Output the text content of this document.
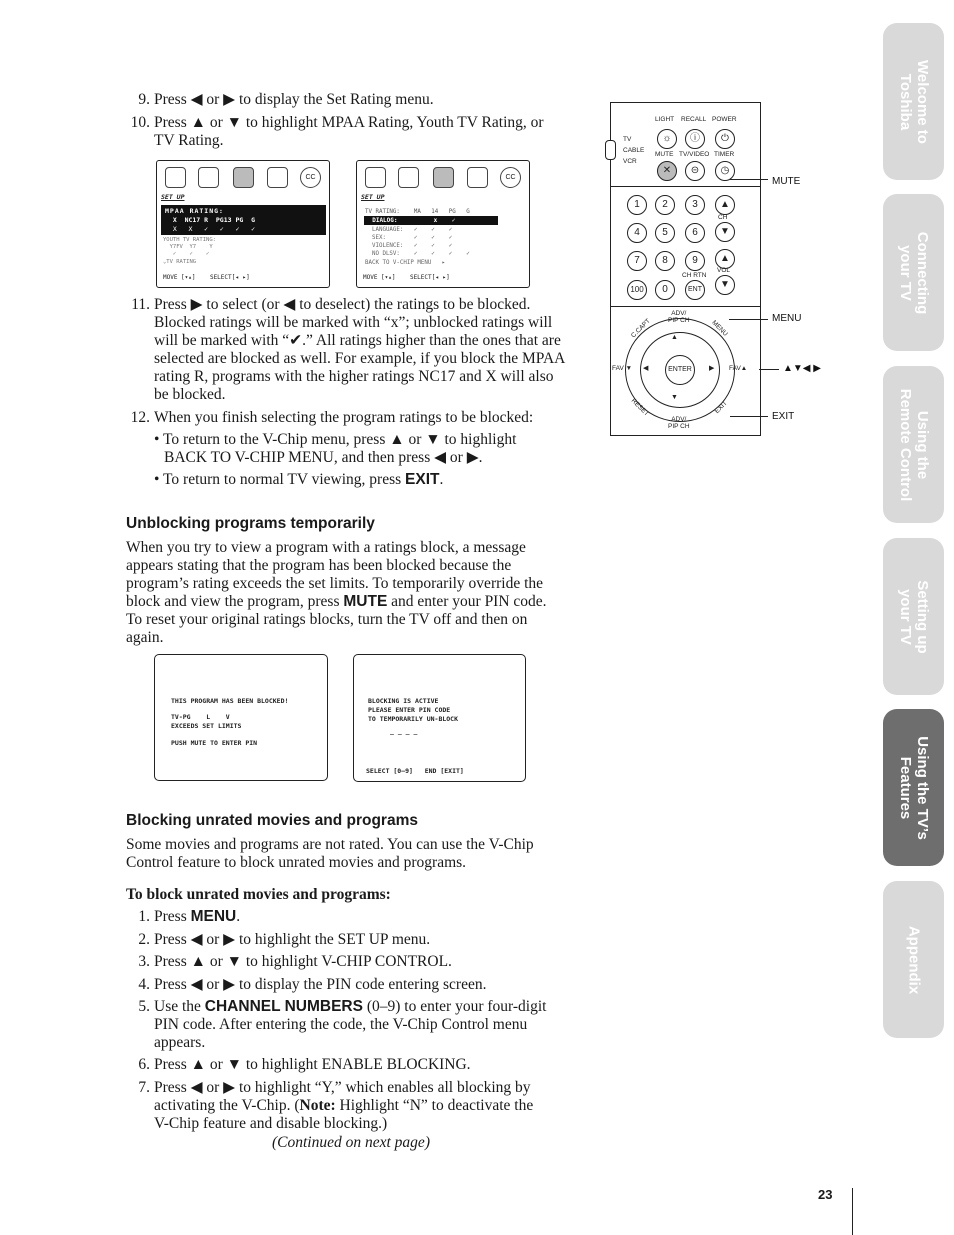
9. Press ◀ or ▶ to display the Set Rating menu.
10. Press ▲ or ▼ to highlight MPAA Rating, Youth TV Rating, or
TV Rating.
CC
SET UP
MPAA RATING:
X  NC17 R  PG13 PG  G
X   X   ✓   ✓   ✓   ✓
YOUTH TV RATING:
Y7FV  Y7    Y
✓    ✓    ✓
⌄TV RATING
MOVE [▾▴]    SELECT[◂ ▸]
CC
SET UP
TV RATING:    MA   14   PG   G
DIALOG:          x    ✓
LANGUAGE:   ✓    ✓    ✓
SEX:        ✓    ✓    ✓
VIOLENCE:   ✓    ✓    ✓
NO DLSV:    ✓    ✓    ✓    ✓
BACK TO V-CHIP MENU   ▸
MOVE [▾▴]    SELECT[◂ ▸]
11. Press ▶ to select (or ◀ to deselect) the ratings to be blocked.
Blocked ratings will be marked with “x”; unblocked ratings will
will be marked with “✔.” All ratings higher than the ones that are
selected are blocked as well. For example, if you block the MPAA
rating R, programs with the higher ratings NC17 and X will also
be blocked.
12. When you finish selecting the program ratings to be blocked:
• To return to the V-Chip menu, press ▲ or ▼ to highlight
BACK TO V-CHIP MENU, and then press ◀ or ▶.
• To return to normal TV viewing, press EXIT.
Unblocking programs temporarily
When you try to view a program with a ratings block, a message
appears stating that the program has been blocked because the
program’s rating exceeds the set limits. To temporarily override the
block and view the program, press MUTE and enter your PIN code.
To reset your original ratings blocks, turn the TV off and then on
again.
THIS PROGRAM HAS BEEN BLOCKED!
TV-PG    L    V
EXCEEDS SET LIMITS
PUSH MUTE TO ENTER PIN
BLOCKING IS ACTIVE
PLEASE ENTER PIN CODE
TO TEMPORARILY UN-BLOCK
_ _ _ _
SELECT [0–9]   END [EXIT]
Blocking unrated movies and programs
Some movies and programs are not rated. You can use the V-Chip
Control feature to block unrated movies and programs.
To block unrated movies and programs:
1. Press MENU.
2. Press ◀ or ▶ to highlight the SET UP menu.
3. Press ▲ or ▼ to highlight V-CHIP CONTROL.
4. Press ◀ or ▶ to display the PIN code entering screen.
5. Use the CHANNEL NUMBERS (0–9) to enter your four-digit
PIN code. After entering the code, the V-Chip Control menu
appears.
6. Press ▲ or ▼ to highlight ENABLE BLOCKING.
7. Press ◀ or ▶ to highlight “Y,” which enables all blocking by
activating the V-Chip. (Note: Highlight “N” to deactivate the
V-Chip feature and disable blocking.)
(Continued on next page)
23
Welcome to
Toshiba
Connecting
your TV
Using the
Remote Control
Setting up
your TV
Using the TV’s
Features
Appendix
TV
CABLE
VCR
LIGHT RECALL POWER
☼	ⓘ	⏻
MUTE TV/VIDEO TIMER
✕	⊝	◷
1	2	3
4	5	6
7	8	9
100	0	ENT
▲
CH
▼
▲
VOL
▼
CH RTN
ENTER
▲
▼
◀	▶
ADV/
PIP CH
ADV/
PIP CH
C.CAPT	MENU
RESET	EXIT
FAV ▼	FAV▲
MUTE
MENU
▲▼◀ ▶
EXIT
